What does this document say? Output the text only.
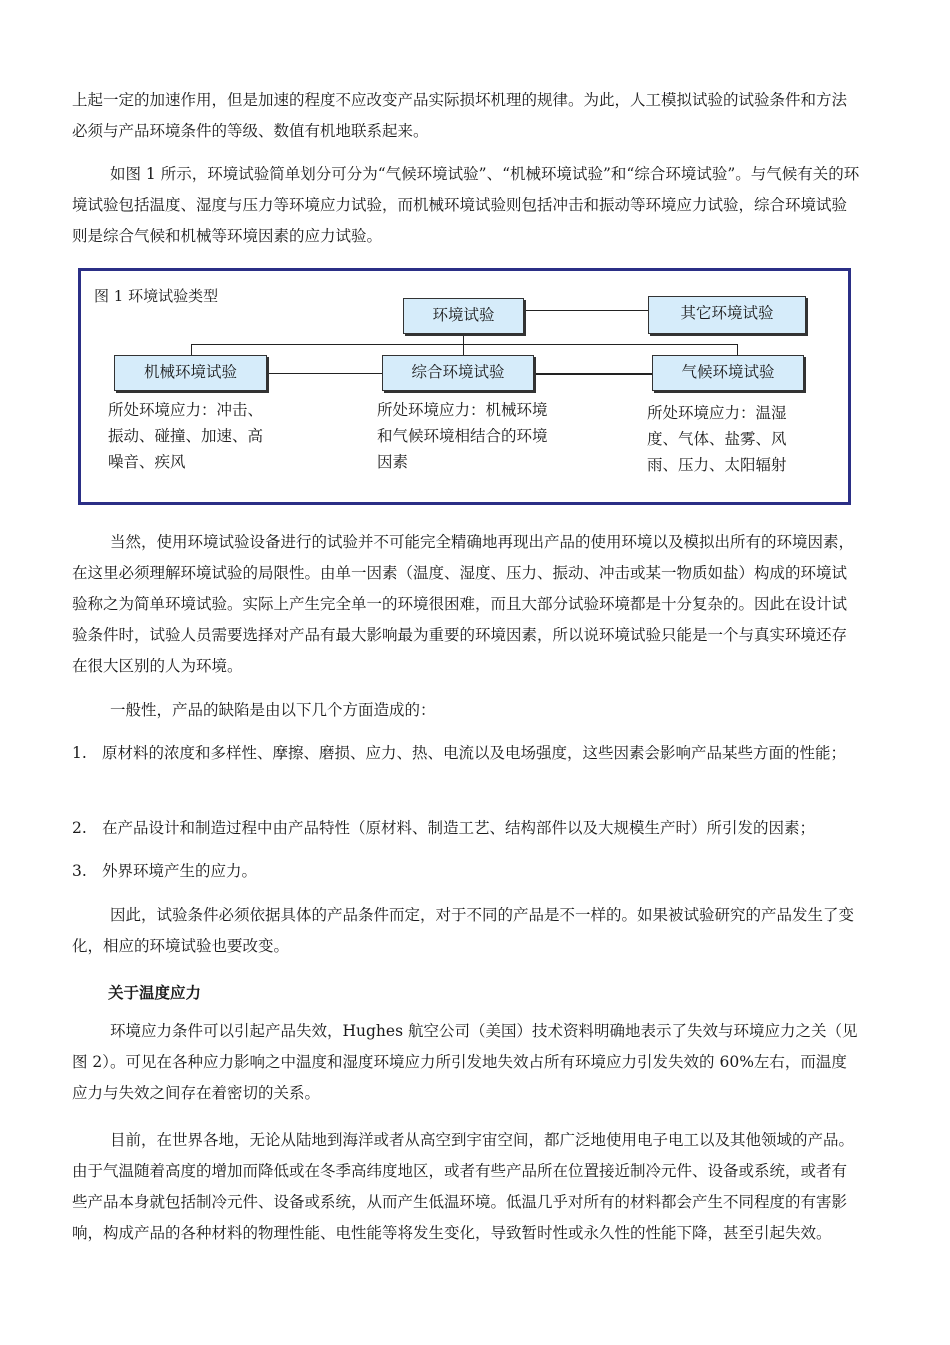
上起一定的加速作用，但是加速的程度不应改变产品实际损坏机理的规律。为此，人工模拟试验的试验条件和方法必须与产品环境条件的等级、数值有机地联系起来。

如图 1 所示，环境试验简单划分可分为“气候环境试验”、“机械环境试验”和“综合环境试验”。与气候有关的环境试验包括温度、湿度与压力等环境应力试验，而机械环境试验则包括冲击和振动等环境应力试验，综合环境试验则是综合气候和机械等环境因素的应力试验。

图 1 环境试验类型
环境试验	其它环境试验
机械环境试验	综合环境试验	气候环境试验
所处环境应力：冲击、振动、碰撞、加速、高噪音、疾风
所处环境应力：机械环境和气候环境相结合的环境因素
所处环境应力：温湿度、气体、盐雾、风雨、压力、太阳辐射

当然，使用环境试验设备进行的试验并不可能完全精确地再现出产品的使用环境以及模拟出所有的环境因素，在这里必须理解环境试验的局限性。由单一因素（温度、湿度、压力、振动、冲击或某一物质如盐）构成的环境试验称之为简单环境试验。实际上产生完全单一的环境很困难，而且大部分试验环境都是十分复杂的。因此在设计试验条件时，试验人员需要选择对产品有最大影响最为重要的环境因素，所以说环境试验只能是一个与真实环境还存在很大区别的人为环境。

一般性，产品的缺陷是由以下几个方面造成的：

1. 原材料的浓度和多样性、摩擦、磨损、应力、热、电流以及电场强度，这些因素会影响产品某些方面的性能；
2. 在产品设计和制造过程中由产品特性（原材料、制造工艺、结构部件以及大规模生产时）所引发的因素；
3. 外界环境产生的应力。

因此，试验条件必须依据具体的产品条件而定，对于不同的产品是不一样的。如果被试验研究的产品发生了变化，相应的环境试验也要改变。

关于温度应力

环境应力条件可以引起产品失效，Hughes 航空公司（美国）技术资料明确地表示了失效与环境应力之关（见图 2）。可见在各种应力影响之中温度和湿度环境应力所引发地失效占所有环境应力引发失效的 60%左右，而温度应力与失效之间存在着密切的关系。

目前，在世界各地，无论从陆地到海洋或者从高空到宇宙空间，都广泛地使用电子电工以及其他领域的产品。由于气温随着高度的增加而降低或在冬季高纬度地区，或者有些产品所在位置接近制冷元件、设备或系统，或者有些产品本身就包括制冷元件、设备或系统，从而产生低温环境。低温几乎对所有的材料都会产生不同程度的有害影响，构成产品的各种材料的物理性能、电性能等将发生变化，导致暂时性或永久性的性能下降，甚至引起失效。
